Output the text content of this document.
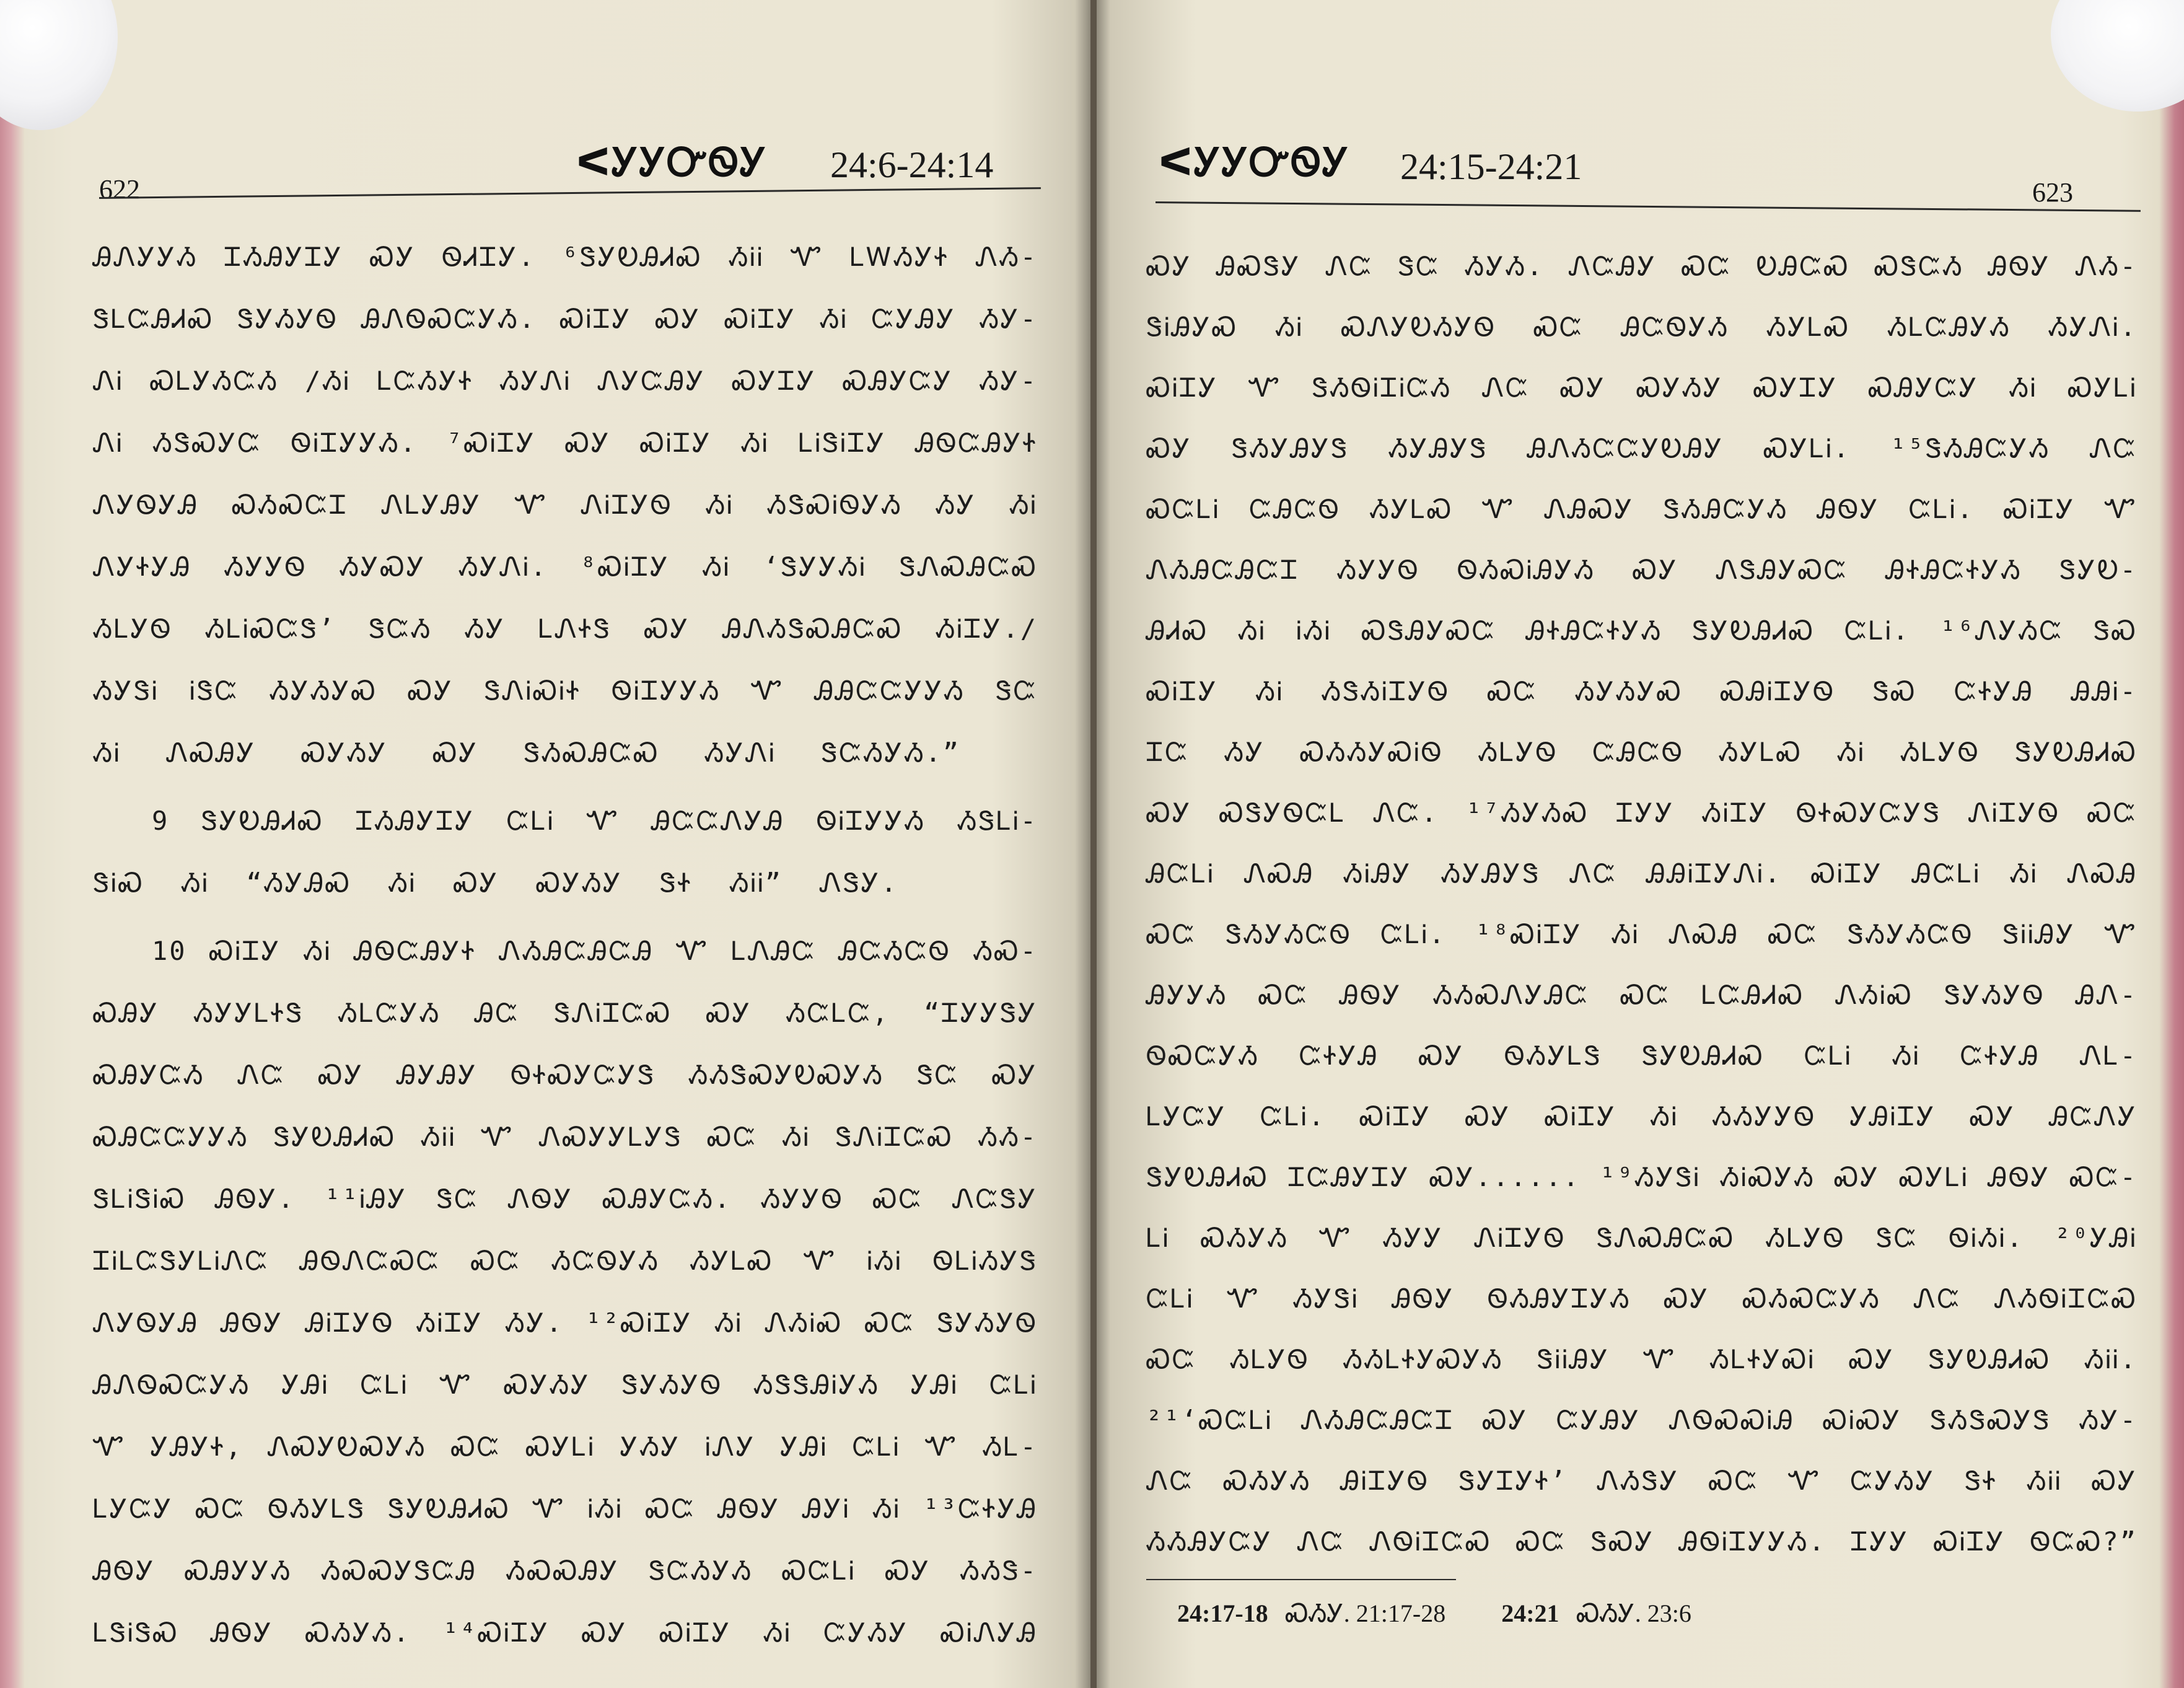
622
ᐸᎩᎩᏅᏫᎩ 24:6-24:14
ᎯᏁᎩᎩᏱ ᏆᏱᎯᎩᏆᎩ ᏍᎩ ᏫᏗᏆᎩ. ⁶ᏕᎩᎧᎯᏗᏍ ᏱᎥᎥ Ꮙ ᏞᎳᏱᎩᏐ ᏁᏱ-
ᏕᏞᏨᎯᏗᏍ ᏕᎩᏱᎩᏫ ᎯᏁᏫᏍᏨᎩᏱ. ᏍᎥᏆᎩ ᏍᎩ ᏍᎥᏆᎩ ᏱᎥ ᏨᎩᎯᎩ ᏱᎩ-
ᏁᎥ ᏍᏞᎩᏱᏨᏱ /ᏱᎥ ᏞᏨᏱᎩᏐ ᏱᎩᏁᎥ ᏁᎩᏨᎯᎩ ᏍᎩᏆᎩ ᏍᎯᎩᏨᎩ ᏱᎩ-
ᏁᎥ ᏱᏕᏍᎩᏨ ᏫᎥᏆᎩᎩᏱ. ⁷ᏍᎥᏆᎩ ᏍᎩ ᏍᎥᏆᎩ ᏱᎥ ᏞᎥᏕᎥᏆᎩ ᎯᏫᏨᎯᎩᏐ
ᏁᎩᏫᎩᎯ ᏍᏱᏍᏨᏆ ᏁᏞᎩᎯᎩ Ꮙ ᏁᎥᏆᎩᏫ ᏱᎥ ᏱᏕᏍᎥᏫᎩᏱ ᏱᎩ ᏱᎥ
ᏁᎩᏐᎩᎯ ᏱᎩᎩᏫ ᏱᎩᏍᎩ ᏱᎩᏁᎥ. ⁸ᏍᎥᏆᎩ ᏱᎥ ‘ᏕᎩᎩᏱᎥ ᏕᏁᏍᎯᏨᏍ
ᏱᏞᎩᏫ ᏱᏞᎥᏍᏨᏕ’ ᏕᏨᏱ ᏱᎩ ᏞᏁᏐᏕ ᏍᎩ ᎯᏁᏱᏕᏍᎯᏨᏍ ᏱᎥᏆᎩ./
ᏱᎩᏕᎥ ᎥᏕᏨ ᏱᎩᏱᎩᏍ ᏍᎩ ᏕᏁᎥᏍᎥᏐ ᏫᎥᏆᎩᎩᏱ Ꮙ ᎯᎯᏨᏨᎩᎩᏱ ᏕᏨ
ᏱᎥ ᏁᏍᎯᎩ ᏍᎩᏱᎩ ᏍᎩ ᏕᏱᏍᎯᏨᏍ ᏱᎩᏁᎥ ᏕᏨᏱᎩᏱ.”
9 ᏕᎩᎧᎯᏗᏍ ᏆᏱᎯᎩᏆᎩ ᏨᏞᎥ Ꮙ ᎯᏨᏨᏁᎩᎯ ᏫᎥᏆᎩᎩᏱ ᏱᏕᏞᎥ-
ᏕᎥᏍ ᏱᎥ “ᏱᎩᎯᏍ ᏱᎥ ᏍᎩ ᏍᎩᏱᎩ ᏕᏐ ᏱᎥᎥ” ᏁᏕᎩ.
10 ᏍᎥᏆᎩ ᏱᎥ ᎯᏫᏨᎯᎩᏐ ᏁᏱᎯᏨᎯᏨᎯ Ꮙ ᏞᏁᎯᏨ ᎯᏨᏱᏨᏫ ᏱᏍ-
ᏍᎯᎩ ᏱᎩᎩᏞᏐᏕ ᏱᏞᏨᎩᏱ ᎯᏨ ᏕᏁᎥᏆᏨᏍ ᏍᎩ ᏱᏨᏞᏨ, “ᏆᎩᎩᏕᎩ
ᏍᎯᎩᏨᏱ ᏁᏨ ᏍᎩ ᎯᎩᎯᎩ ᏫᏐᏍᎩᏨᎩᏕ ᏱᏱᏕᏍᎩᎧᏍᎩᏱ ᏕᏨ ᏍᎩ
ᏍᎯᏨᏨᎩᎩᏱ ᏕᎩᎧᎯᏗᏍ ᏱᎥᎥ Ꮙ ᏁᏍᎩᎩᏞᎩᏕ ᏍᏨ ᏱᎥ ᏕᏁᎥᏆᏨᏍ ᏱᏱ-
ᏕᏞᎥᏕᎥᏍ ᎯᏫᎩ. ¹¹ᎥᎯᎩ ᏕᏨ ᏁᏫᎩ ᏍᎯᎩᏨᏱ. ᏱᎩᎩᏫ ᏍᏨ ᏁᏨᏕᎩ
ᏆᎥᏞᏨᏕᎩᏞᎥᏁᏨ ᎯᏫᏁᏨᏍᏨ ᏍᏨ ᏱᏨᏫᎩᏱ ᏱᎩᏞᏍ Ꮙ ᎥᏱᎥ ᏫᏞᎥᏱᎩᏕ
ᏁᎩᏫᎩᎯ ᎯᏫᎩ ᎯᎥᏆᎩᏫ ᏱᎥᏆᎩ ᏱᎩ. ¹²ᏍᎥᏆᎩ ᏱᎥ ᏁᏱᎥᏍ ᏍᏨ ᏕᎩᏱᎩᏫ
ᎯᏁᏫᏍᏨᎩᏱ ᎩᎯᎥ ᏨᏞᎥ Ꮙ ᏍᎩᏱᎩ ᏕᎩᏱᎩᏫ ᏱᏕᏕᎯᎥᎩᏱ ᎩᎯᎥ ᏨᏞᎥ
Ꮙ ᎩᎯᎩᏐ, ᏁᏍᎩᎧᏍᎩᏱ ᏍᏨ ᏍᎩᏞᎥ ᎩᏱᎩ ᎥᏁᎩ ᎩᎯᎥ ᏨᏞᎥ Ꮙ ᏱᏞ-
ᏞᎩᏨᎩ ᏍᏨ ᏫᏱᎩᏞᏕ ᏕᎩᎧᎯᏗᏍ Ꮙ ᎥᏱᎥ ᏍᏨ ᎯᏫᎩ ᎯᎩᎥ ᏱᎥ ¹³ᏨᏐᎩᎯ
ᎯᏫᎩ ᏍᎯᎩᎩᏱ ᏱᏍᏍᎩᏕᏨᎯ ᏱᏍᏍᎯᎩ ᏕᏨᏱᎩᏱ ᏍᏨᏞᎥ ᏍᎩ ᏱᏱᏕ-
ᏞᏕᎥᏕᏍ ᎯᏫᎩ ᏍᏱᎩᏱ. ¹⁴ᏍᎥᏆᎩ ᏍᎩ ᏍᎥᏆᎩ ᏱᎥ ᏨᎩᏱᎩ ᏍᎥᏁᎩᎯ
ᐸᎩᎩᏅᏫᎩ 24:15-24:21
623
ᏍᎩ ᎯᏍᏕᎩ ᏁᏨ ᏕᏨ ᏱᎩᏱ. ᏁᏨᎯᎩ ᏍᏨ ᎧᎯᏨᏍ ᏍᏕᏨᏱ ᎯᏫᎩ ᏁᏱ-
ᏕᎥᎯᎩᏍ ᏱᎥ ᏍᏁᎩᎧᏱᎩᏫ ᏍᏨ ᎯᏨᏫᎩᏱ ᏱᎩᏞᏍ ᏱᏞᏨᎯᎩᏱ ᏱᎩᏁᎥ.
ᏍᎥᏆᎩ Ꮙ ᏕᏱᏫᎥᏆᎥᏨᏱ ᏁᏨ ᏍᎩ ᏍᎩᏱᎩ ᏍᎩᏆᎩ ᏍᎯᎩᏨᎩ ᏱᎥ ᏍᎩᏞᎥ
ᏍᎩ ᏕᏱᎩᎯᎩᏕ ᏱᎩᎯᎩᏕ ᎯᏁᏱᏨᏨᎩᎧᎯᎩ ᏍᎩᏞᎥ. ¹⁵ᏕᏱᎯᏨᎩᏱ ᏁᏨ
ᏍᏨᏞᎥ ᏨᎯᏨᏫ ᏱᎩᏞᏍ Ꮙ ᏁᎯᏍᎩ ᏕᏱᎯᏨᎩᏱ ᎯᏫᎩ ᏨᏞᎥ. ᏍᎥᏆᎩ Ꮙ
ᏁᏱᎯᏨᎯᏨᏆ ᏱᎩᎩᏫ ᏫᏱᏍᎥᎯᎩᏱ ᏍᎩ ᏁᏕᎯᎩᏍᏨ ᎯᏐᎯᏨᏐᎩᏱ ᏕᎩᎧ-
ᎯᏗᏍ ᏱᎥ ᎥᏱᎥ ᏍᏕᎯᎩᏍᏨ ᎯᏐᎯᏨᏐᎩᏱ ᏕᎩᎧᎯᏗᏍ ᏨᏞᎥ. ¹⁶ᏁᎩᏱᏨ ᏕᏍ
ᏍᎥᏆᎩ ᏱᎥ ᏱᏕᏱᎥᏆᎩᏫ ᏍᏨ ᏱᎩᏱᎩᏍ ᏍᎯᎥᏆᎩᏫ ᏕᏍ ᏨᏐᎩᎯ ᎯᎯᎥ-
ᏆᏨ ᏱᎩ ᏍᏱᏱᎩᏍᎥᏫ ᏱᏞᎩᏫ ᏨᎯᏨᏫ ᏱᎩᏞᏍ ᏱᎥ ᏱᏞᎩᏫ ᏕᎩᎧᎯᏗᏍ
ᏍᎩ ᏍᏕᎩᏫᏨᏞ ᏁᏨ. ¹⁷ᏱᎩᏱᏍ ᏆᎩᎩ ᏱᎥᏆᎩ ᏫᏐᏍᎩᏨᎩᏕ ᏁᎥᏆᎩᏫ ᏍᏨ
ᎯᏨᏞᎥ ᏁᏍᎯ ᏱᎥᎯᎩ ᏱᎩᎯᎩᏕ ᏁᏨ ᎯᎯᎥᏆᎩᏁᎥ. ᏍᎥᏆᎩ ᎯᏨᏞᎥ ᏱᎥ ᏁᏍᎯ
ᏍᏨ ᏕᏱᎩᏱᏨᏫ ᏨᏞᎥ. ¹⁸ᏍᎥᏆᎩ ᏱᎥ ᏁᏍᎯ ᏍᏨ ᏕᏱᎩᏱᏨᏫ ᏕᎥᎥᎯᎩ Ꮙ
ᎯᎩᎩᏱ ᏍᏨ ᎯᏫᎩ ᏱᏱᏍᏁᎩᎯᏨ ᏍᏨ ᏞᏨᎯᏗᏍ ᏁᏱᎥᏍ ᏕᎩᏱᎩᏫ ᎯᏁ-
ᏫᏍᏨᎩᏱ ᏨᏐᎩᎯ ᏍᎩ ᏫᏱᎩᏞᏕ ᏕᎩᎧᎯᏗᏍ ᏨᏞᎥ ᏱᎥ ᏨᏐᎩᎯ ᏁᏞ-
ᏞᎩᏨᎩ ᏨᏞᎥ. ᏍᎥᏆᎩ ᏍᎩ ᏍᎥᏆᎩ ᏱᎥ ᏱᏱᎩᎩᏫ ᎩᎯᎥᏆᎩ ᏍᎩ ᎯᏨᏁᎩ
ᏕᎩᎧᎯᏗᏍ ᏆᏨᎯᎩᏆᎩ ᏍᎩ...... ¹⁹ᏱᎩᏕᎥ ᏱᎥᏍᎩᏱ ᏍᎩ ᏍᎩᏞᎥ ᎯᏫᎩ ᏍᏨ-
ᏞᎥ ᏍᏱᎩᏱ Ꮙ ᏱᎩᎩ ᏁᎥᏆᎩᏫ ᏕᏁᏍᎯᏨᏍ ᏱᏞᎩᏫ ᏕᏨ ᏫᎥᏱᎥ. ²⁰ᎩᎯᎥ
ᏨᏞᎥ Ꮙ ᏱᎩᏕᎥ ᎯᏫᎩ ᏫᏱᎯᎩᏆᎩᏱ ᏍᎩ ᏍᏱᏍᏨᎩᏱ ᏁᏨ ᏁᏱᏫᎥᏆᏨᏍ
ᏍᏨ ᏱᏞᎩᏫ ᏱᏱᏞᏐᎩᏍᎩᏱ ᏕᎥᎥᎯᎩ Ꮙ ᏱᏞᏐᎩᏍᎥ ᏍᎩ ᏕᎩᎧᎯᏗᏍ ᏱᎥᎥ.
²¹‘ᏍᏨᏞᎥ ᏁᏱᎯᏨᎯᏨᏆ ᏍᎩ ᏨᎩᎯᎩ ᏁᏫᏍᏍᎥᎯ ᏍᎥᏍᎩ ᏕᏱᏕᏍᎩᏕ ᏱᎩ-
ᏁᏨ ᏍᏱᎩᏱ ᎯᎥᏆᎩᏫ ᏕᎩᏆᎩᏐ’ ᏁᏱᏕᎩ ᏍᏨ Ꮙ ᏨᎩᏱᎩ ᏕᏐ ᏱᎥᎥ ᏍᎩ
ᏱᏱᎯᎩᏨᎩ ᏁᏨ ᏁᏫᎥᏆᏨᏍ ᏍᏨ ᏕᏍᎩ ᎯᏫᎥᏆᎩᎩᏱ. ᏆᎩᎩ ᏍᎥᏆᎩ ᏫᏨᏍ?”
24:17-18 ᏍᏱᎩ. 21:17-28 24:21 ᏍᏱᎩ. 23:6
